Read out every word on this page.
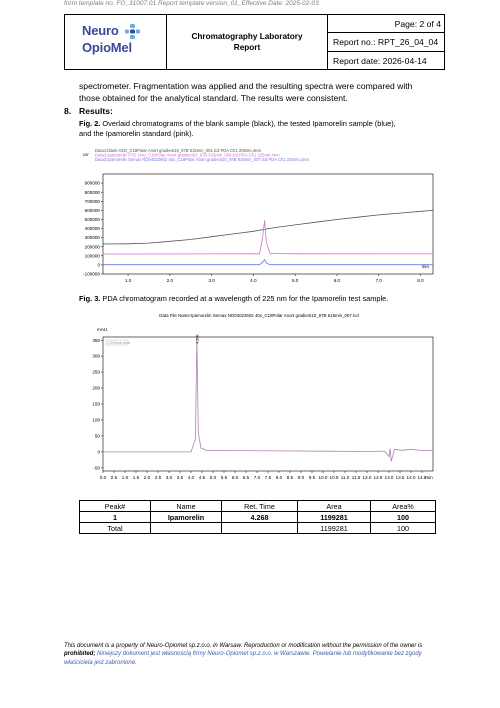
form template no. FO_31007.01 Report template version_01_Effective Date: 2025-02-03
Neuro
OpioMel
Chromatography Laboratory Report
Page: 2 of 4
Report no.: RPT_26_04_04
Report date: 2026-04-14
spectrometer. Fragmentation was applied and the resulting spectra were compared with
those obtained for the analytical standard. The results were consistent.
8. Results:
Fig. 2. Overlaid chromatograms of the blank sample (black), the tested Ipamorelin sample (blue),
and the Ipamorelin standard (pink).
900000
800000
700000
600000
500000
400000
300000
200000
100000
0
-100000
1.0	2.0	3.0	4.0	5.0	6.0	7.0	8.0
uV
min
Data1:blank H2O_C18Polar Anort gradient10_97B 615min_001.lcd PDA Ch1 205nm,4nm
Data2:Ipamorelin STD 1mg_C18Polar Anort gradient10_97B 615min_004.lcd PDA Ch1 225nm,4nm
Data3:Ipamorelin Semax NO04022602 40x_C18Polar Anort gradient10_97B 615min_007.lcd PDA Ch1 225nm,4nm
Fig. 3. PDA chromatogram recorded at a wavelength of 225 nm for the Ipamorelin test sample.
350
300
250
200
150
100
50
0
-50
0.0 0.5 1.0 1.5 2.0 2.5 3.0 3.5 4.0 4.5 5.0 5.5 6.0 6.5 7.0 7.5 8.0 8.5 9.0 9.5 10.0 10.5 11.0 11.5 12.0 12.5 13.0 13.5 14.0 14.5
min
Data File Name:Ipamorelin Semax NO04022602 40x_C18Polar Anort gradient10_97B 615min_007.lcd
mAU
1 225nm,4nm	4.268
Peak#	Name	Ret. Time	Area	Area%
1	Ipamorelin	4.268	1199281	100
Total			1199281	100
This document is a property of Neuro-Opiomel sp.z.o.o. in Warsaw. Reproduction or modification without the permission of the owner is
prohibited; Niniejszy dokument jest własnością firmy Neuro-Opiomel sp.z.o.o. w Warszawie. Powielanie lub modyfikowanie bez zgody
właściciela jest zabronione.
